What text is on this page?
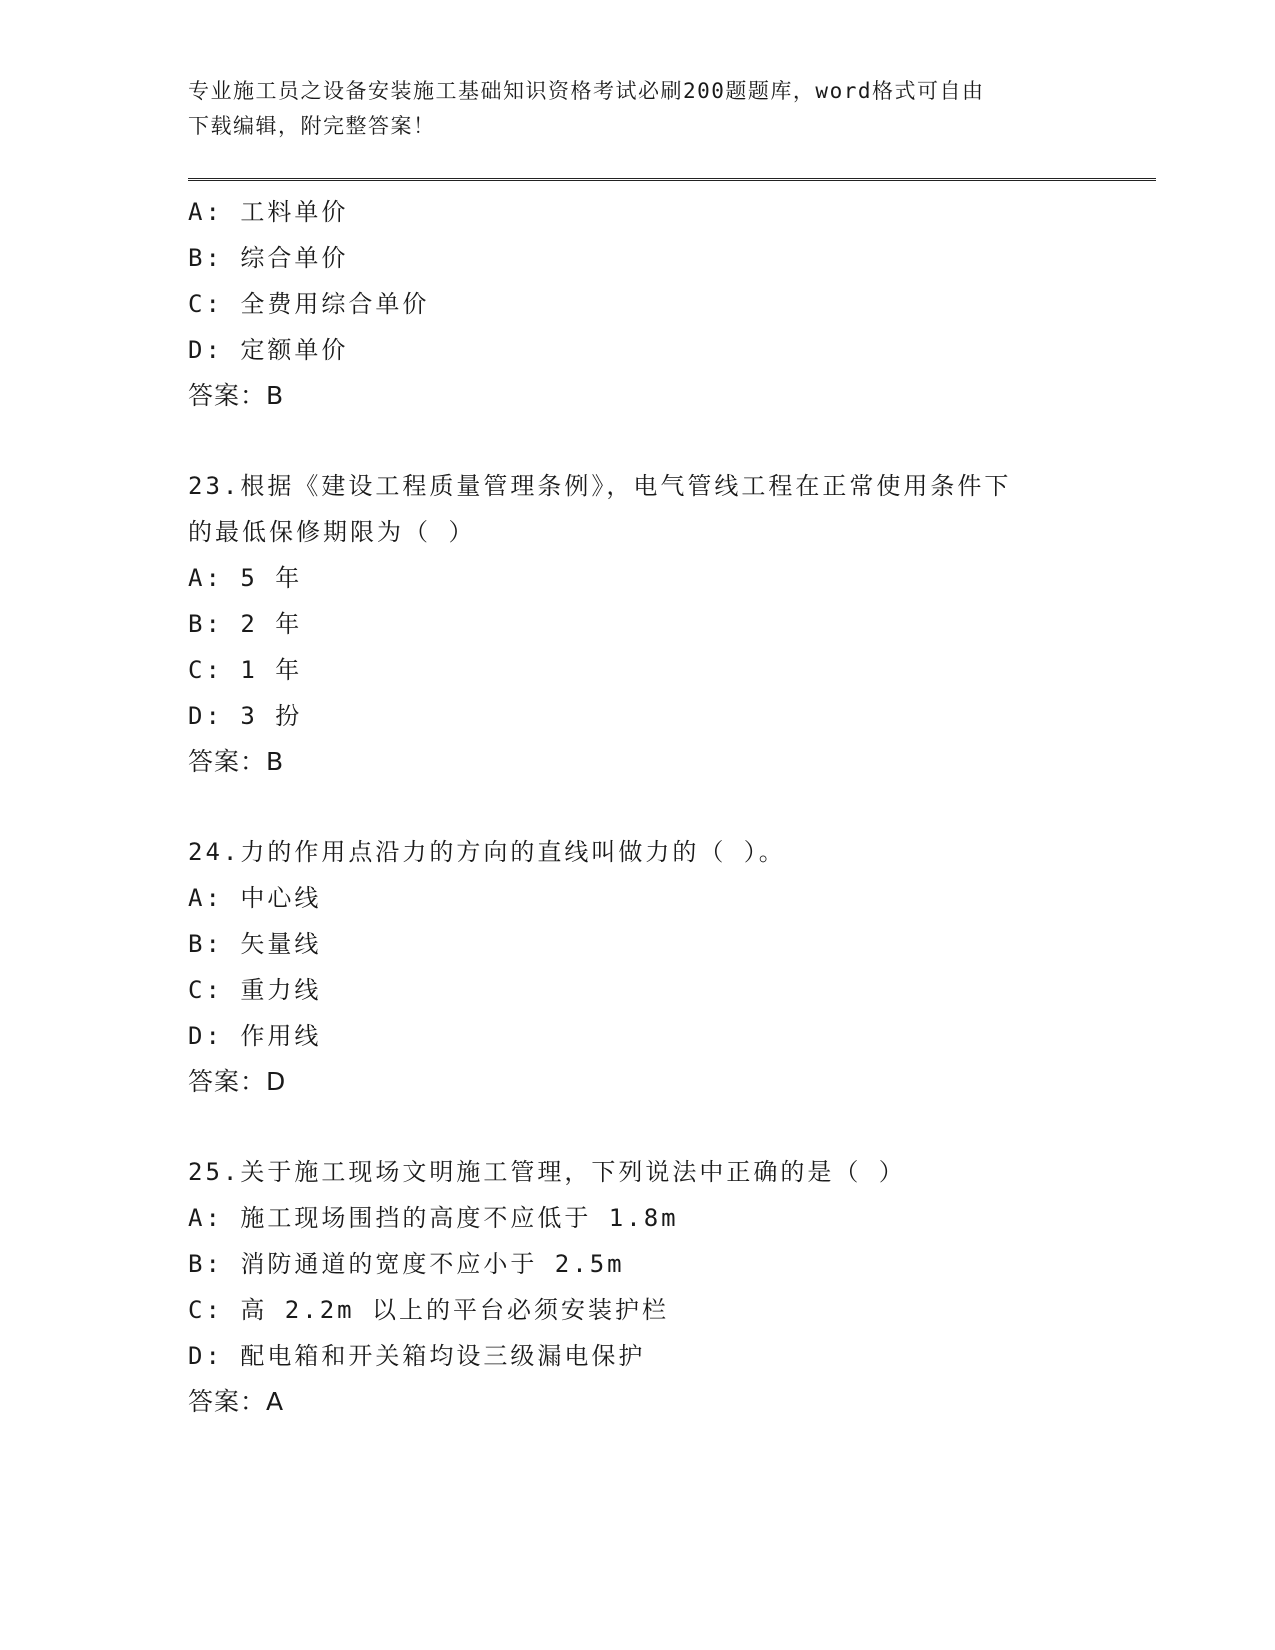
专业施工员之设备安装施工基础知识资格考试必刷200题题库，word格式可自由
下载编辑，附完整答案！
A: 工料单价
B: 综合单价
C: 全费用综合单价
D: 定额单价
答案：B
23.根据《建设工程质量管理条例》，电气管线工程在正常使用条件下
的最低保修期限为（ ）
A: 5 年
B: 2 年
C: 1 年
D: 3 扮
答案：B
24.力的作用点沿力的方向的直线叫做力的（ ）。
A: 中心线
B: 矢量线
C: 重力线
D: 作用线
答案：D
25.关于施工现场文明施工管理，下列说法中正确的是（ ）
A: 施工现场围挡的高度不应低于 1.8m
B: 消防通道的宽度不应小于 2.5m
C: 高 2.2m 以上的平台必须安装护栏
D: 配电箱和开关箱均设三级漏电保护
答案：A
